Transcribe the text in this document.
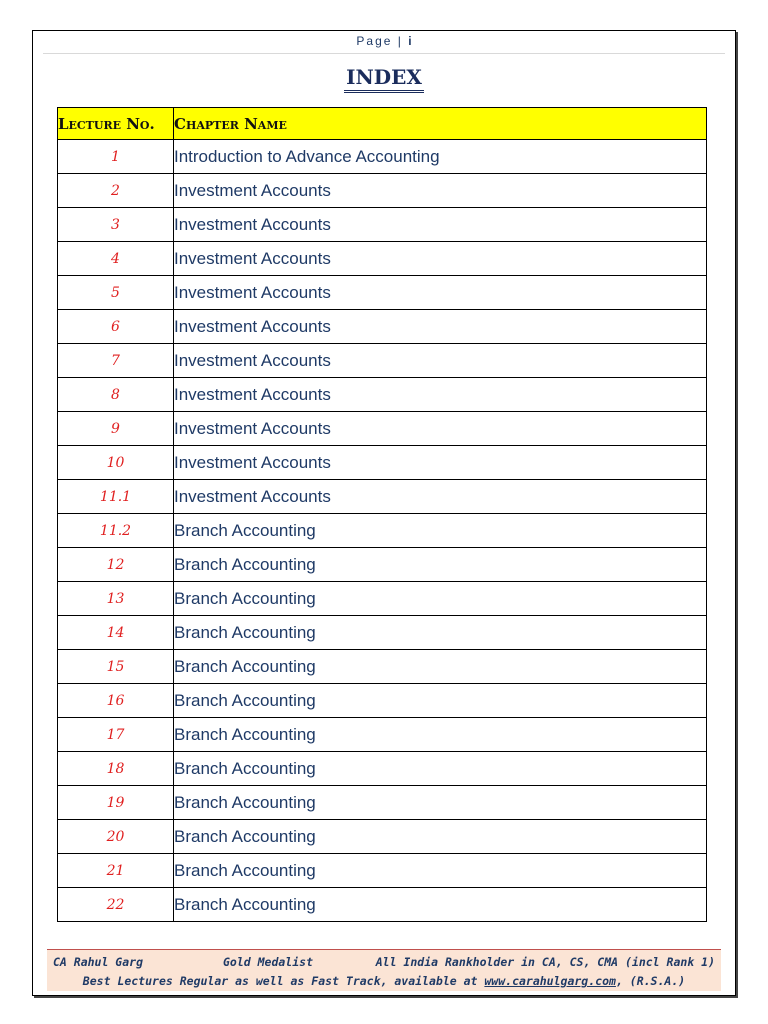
Page | i
INDEX
Lecture No.	Chapter Name
1	Introduction to Advance Accounting
2	Investment Accounts
3	Investment Accounts
4	Investment Accounts
5	Investment Accounts
6	Investment Accounts
7	Investment Accounts
8	Investment Accounts
9	Investment Accounts
10	Investment Accounts
11.1	Investment Accounts
11.2	Branch Accounting
12	Branch Accounting
13	Branch Accounting
14	Branch Accounting
15	Branch Accounting
16	Branch Accounting
17	Branch Accounting
18	Branch Accounting
19	Branch Accounting
20	Branch Accounting
21	Branch Accounting
22	Branch Accounting
CA Rahul Garg	Gold Medalist	All India Rankholder in CA, CS, CMA (incl Rank 1)
Best Lectures Regular as well as Fast Track, available at www.carahulgarg.com, (R.S.A.)
